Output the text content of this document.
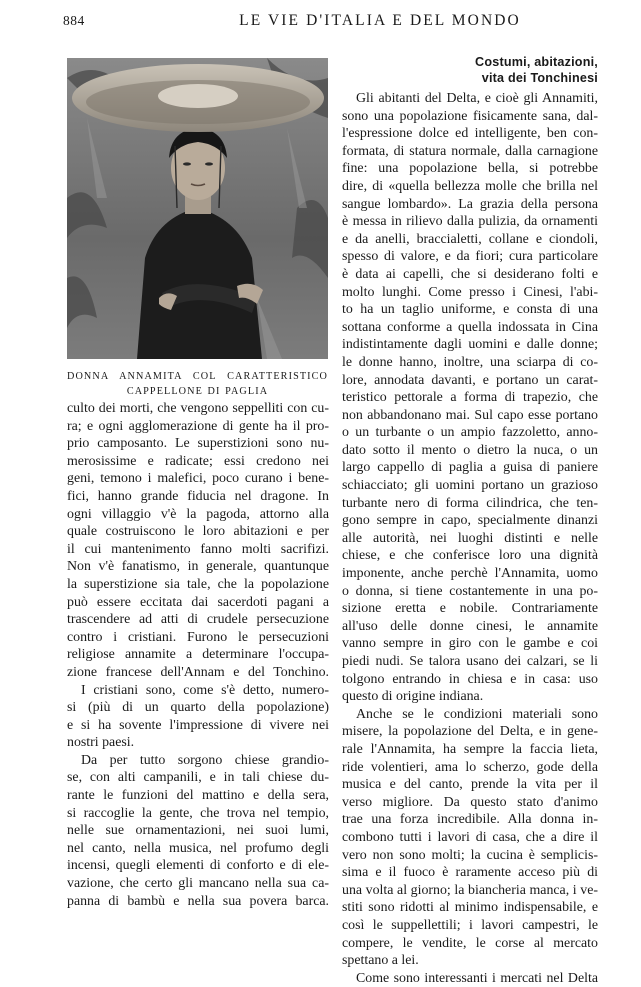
884	LE VIE D'ITALIA E DEL MONDO
DONNA ANNAMITA COL CARATTERISTICO
CAPPELLONE DI PAGLIA
Costumi, abitazioni,
vita dei Tonchinesi
culto dei morti, che vengono seppelliti con cu-
ra; e ogni agglomerazione di gente ha il pro-
prio camposanto. Le superstizioni sono nu-
merosissime e radicate; essi credono nei
geni, temono i malefici, poco curano i bene-
fici, hanno grande fiducia nel dragone. In
ogni villaggio v'è la pagoda, attorno alla
quale costruiscono le loro abitazioni e per
il cui mantenimento fanno molti sacrifizi.
Non v'è fanatismo, in generale, quantunque
la superstizione sia tale, che la popolazione
può essere eccitata dai sacerdoti pagani a
trascendere ad atti di crudele persecuzione
contro i cristiani. Furono le persecuzioni
religiose annamite a determinare l'occupa-
zione francese dell'Annam e del Tonchino.
I cristiani sono, come s'è detto, numero-
si (più di un quarto della popolazione)
e si ha sovente l'impressione di vivere nei
nostri paesi.
Da per tutto sorgono chiese grandio-
se, con alti campanili, e in tali chiese du-
rante le funzioni del mattino e della sera,
si raccoglie la gente, che trova nel tempio,
nelle sue ornamentazioni, nei suoi lumi,
nel canto, nella musica, nel profumo degli
incensi, quegli elementi di conforto e di ele-
vazione, che certo gli mancano nella sua ca-
panna di bambù e nella sua povera barca.
Gli abitanti del Delta, e cioè gli Annamiti,
sono una popolazione fisicamente sana, dal-
l'espressione dolce ed intelligente, ben con-
formata, di statura normale, dalla carnagione
fine: una popolazione bella, si potrebbe
dire, di «quella bellezza molle che brilla nel
sangue lombardo». La grazia della persona
è messa in rilievo dalla pulizia, da ornamenti
e da anelli, braccialetti, collane e ciondoli,
spesso di valore, e da fiori; cura particolare
è data ai capelli, che si desiderano folti e
molto lunghi. Come presso i Cinesi, l'abi-
to ha un taglio uniforme, e consta di una
sottana conforme a quella indossata in Cina
indistintamente dagli uomini e dalle donne;
le donne hanno, inoltre, una sciarpa di co-
lore, annodata davanti, e portano un carat-
teristico pettorale a forma di trapezio, che
non abbandonano mai. Sul capo esse portano
o un turbante o un ampio fazzoletto, anno-
dato sotto il mento o dietro la nuca, o un
largo cappello di paglia a guisa di paniere
schiacciato; gli uomini portano un grazioso
turbante nero di forma cilindrica, che ten-
gono sempre in capo, specialmente dinanzi
alle autorità, nei luoghi distinti e nelle
chiese, e che conferisce loro una dignità
imponente, anche perchè l'Annamita, uomo
o donna, si tiene costantemente in una po-
sizione eretta e nobile. Contrariamente
all'uso delle donne cinesi, le annamite
vanno sempre in giro con le gambe e coi
piedi nudi. Se talora usano dei calzari, se li
tolgono entrando in chiesa e in casa: uso
questo di origine indiana.
Anche se le condizioni materiali sono
misere, la popolazione del Delta, e in gene-
rale l'Annamita, ha sempre la faccia lieta,
ride volentieri, ama lo scherzo, gode della
musica e del canto, prende la vita per il
verso migliore. Da questo stato d'animo
trae una forza incredibile. Alla donna in-
combono tutti i lavori di casa, che a dire il
vero non sono molti; la cucina è semplicis-
sima e il fuoco è raramente acceso più di
una volta al giorno; la biancheria manca, i ve-
stiti sono ridotti al minimo indispensabile, e
così le suppellettili; i lavori campestri, le
compere, le vendite, le corse al mercato
spettano a lei.
Come sono interessanti i mercati nel Delta
